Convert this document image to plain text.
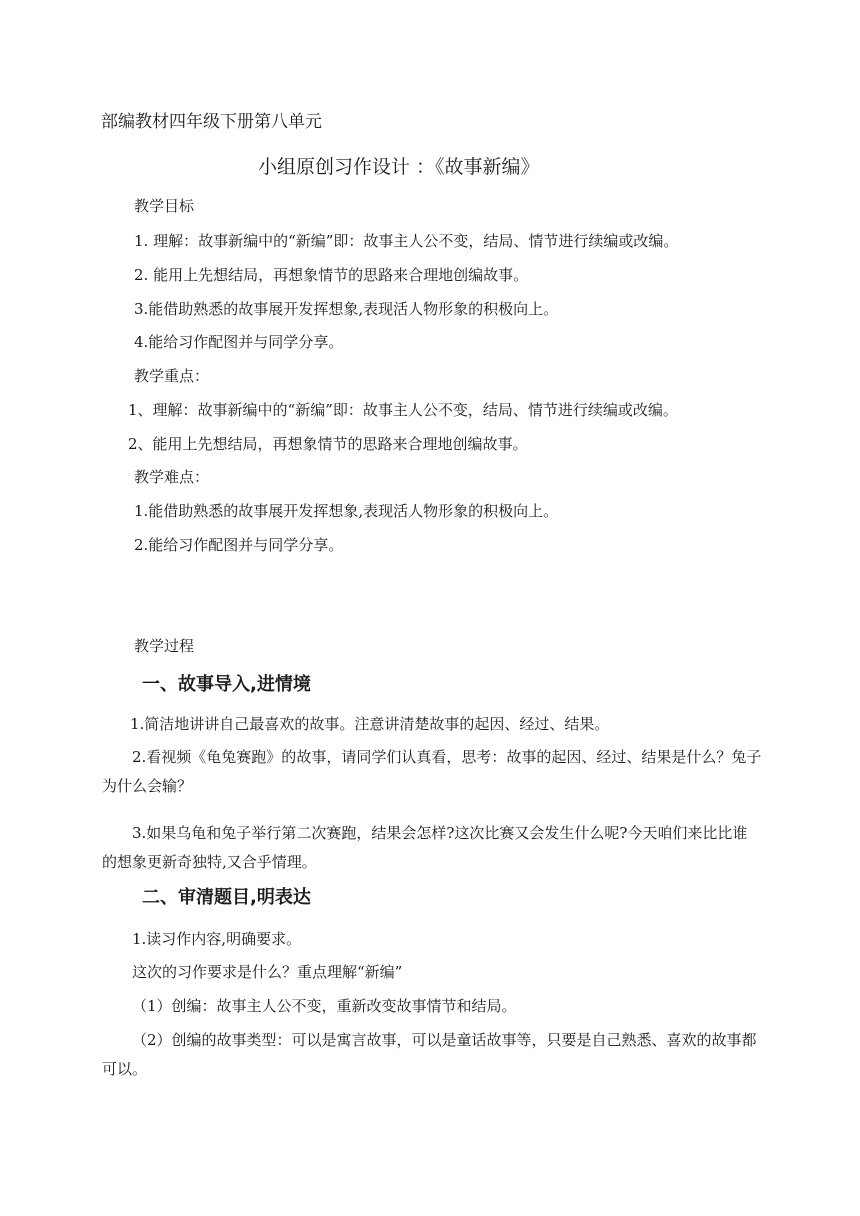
部编教材四年级下册第八单元
小组原创习作设计 ：《故事新编》
教学目标
1. 理解：故事新编中的“新编”即：故事主人公不变，结局、情节进行续编或改编。
2. 能用上先想结局，再想象情节的思路来合理地创编故事。
3.能借助熟悉的故事展开发挥想象,表现活人物形象的积极向上。
4.能给习作配图并与同学分享。
教学重点：
1、理解：故事新编中的“新编”即：故事主人公不变，结局、情节进行续编或改编。
2、能用上先想结局，再想象情节的思路来合理地创编故事。
教学难点：
1.能借助熟悉的故事展开发挥想象,表现活人物形象的积极向上。
2.能给习作配图并与同学分享。
教学过程
一、故事导入,进情境
1.简洁地讲讲自己最喜欢的故事。注意讲清楚故事的起因、经过、结果。
2.看视频《龟兔赛跑》的故事，请同学们认真看，思考：故事的起因、经过、结果是什么？兔子为什么会输？
3.如果乌龟和兔子举行第二次赛跑，结果会怎样?这次比赛又会发生什么呢?今天咱们来比比谁的想象更新奇独特,又合乎情理。
二、审清题目,明表达
1.读习作内容,明确要求。
这次的习作要求是什么？重点理解“新编”
（1）创编：故事主人公不变，重新改变故事情节和结局。
（2）创编的故事类型：可以是寓言故事，可以是童话故事等，只要是自己熟悉、喜欢的故事都可以。
